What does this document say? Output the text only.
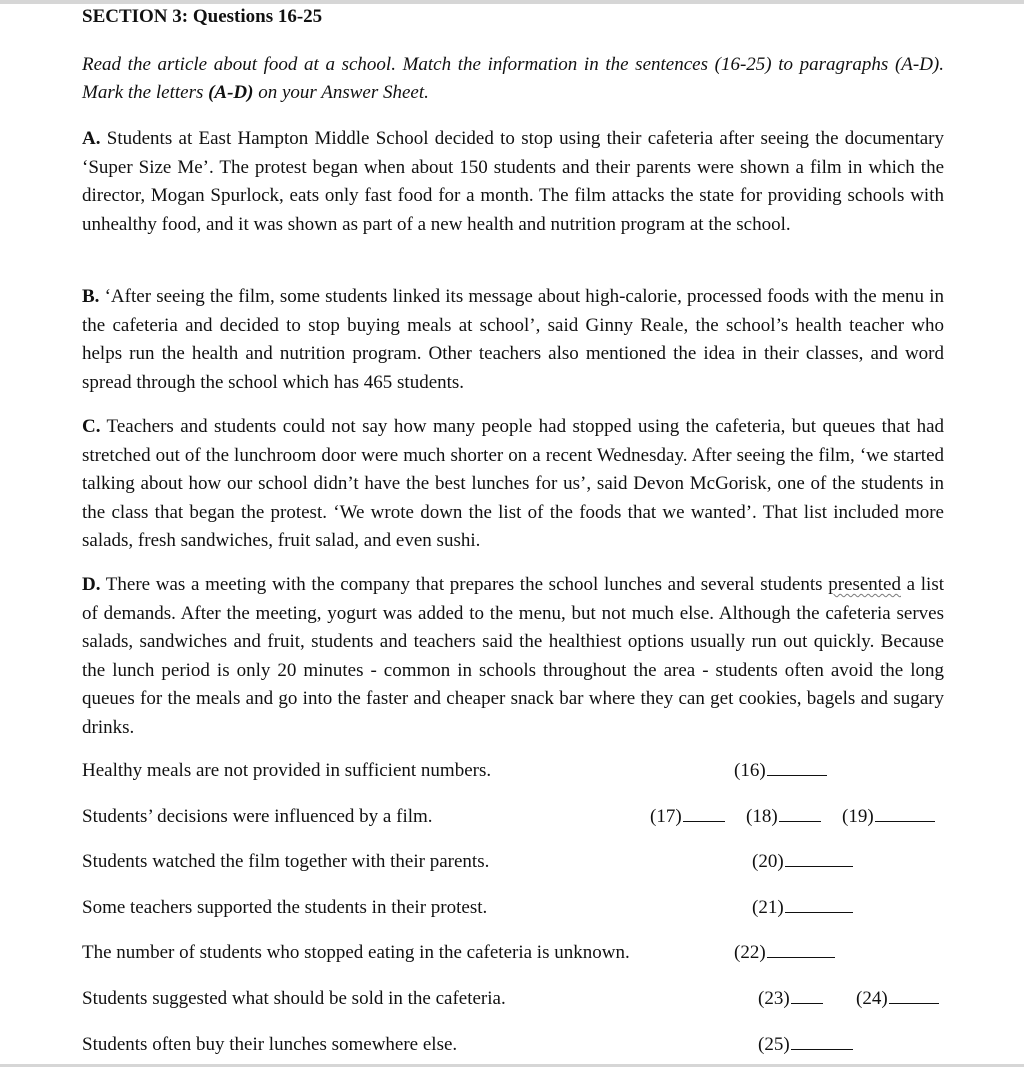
SECTION 3: Questions 16-25
Read the article about food at a school. Match the information in the sentences (16-25) to paragraphs (A-D). Mark the letters (A-D) on your Answer Sheet.
A. Students at East Hampton Middle School decided to stop using their cafeteria after seeing the documentary ‘Super Size Me’. The protest began when about 150 students and their parents were shown a film in which the director, Mogan Spurlock, eats only fast food for a month. The film attacks the state for providing schools with unhealthy food, and it was shown as part of a new health and nutrition program at the school.
B. ‘After seeing the film, some students linked its message about high-calorie, processed foods with the menu in the cafeteria and decided to stop buying meals at school’, said Ginny Reale, the school’s health teacher who helps run the health and nutrition program. Other teachers also mentioned the idea in their classes, and word spread through the school which has 465 students.
C. Teachers and students could not say how many people had stopped using the cafeteria, but queues that had stretched out of the lunchroom door were much shorter on a recent Wednesday. After seeing the film, ‘we started talking about how our school didn’t have the best lunches for us’, said Devon McGorisk, one of the students in the class that began the protest. ‘We wrote down the list of the foods that we wanted’. That list included more salads, fresh sandwiches, fruit salad, and even sushi.
D. There was a meeting with the company that prepares the school lunches and several students presented a list of demands. After the meeting, yogurt was added to the menu, but not much else. Although the cafeteria serves salads, sandwiches and fruit, students and teachers said the healthiest options usually run out quickly. Because the lunch period is only 20 minutes - common in schools throughout the area - students often avoid the long queues for the meals and go into the faster and cheaper snack bar where they can get cookies, bagels and sugary drinks.
Healthy meals are not provided in sufficient numbers.	(16)
Students’ decisions were influenced by a film.	(17)	(18)	(19)
Students watched the film together with their parents.	(20)
Some teachers supported the students in their protest.	(21)
The number of students who stopped eating in the cafeteria is unknown.	(22)
Students suggested what should be sold in the cafeteria.	(23)	(24)
Students often buy their lunches somewhere else.	(25)
